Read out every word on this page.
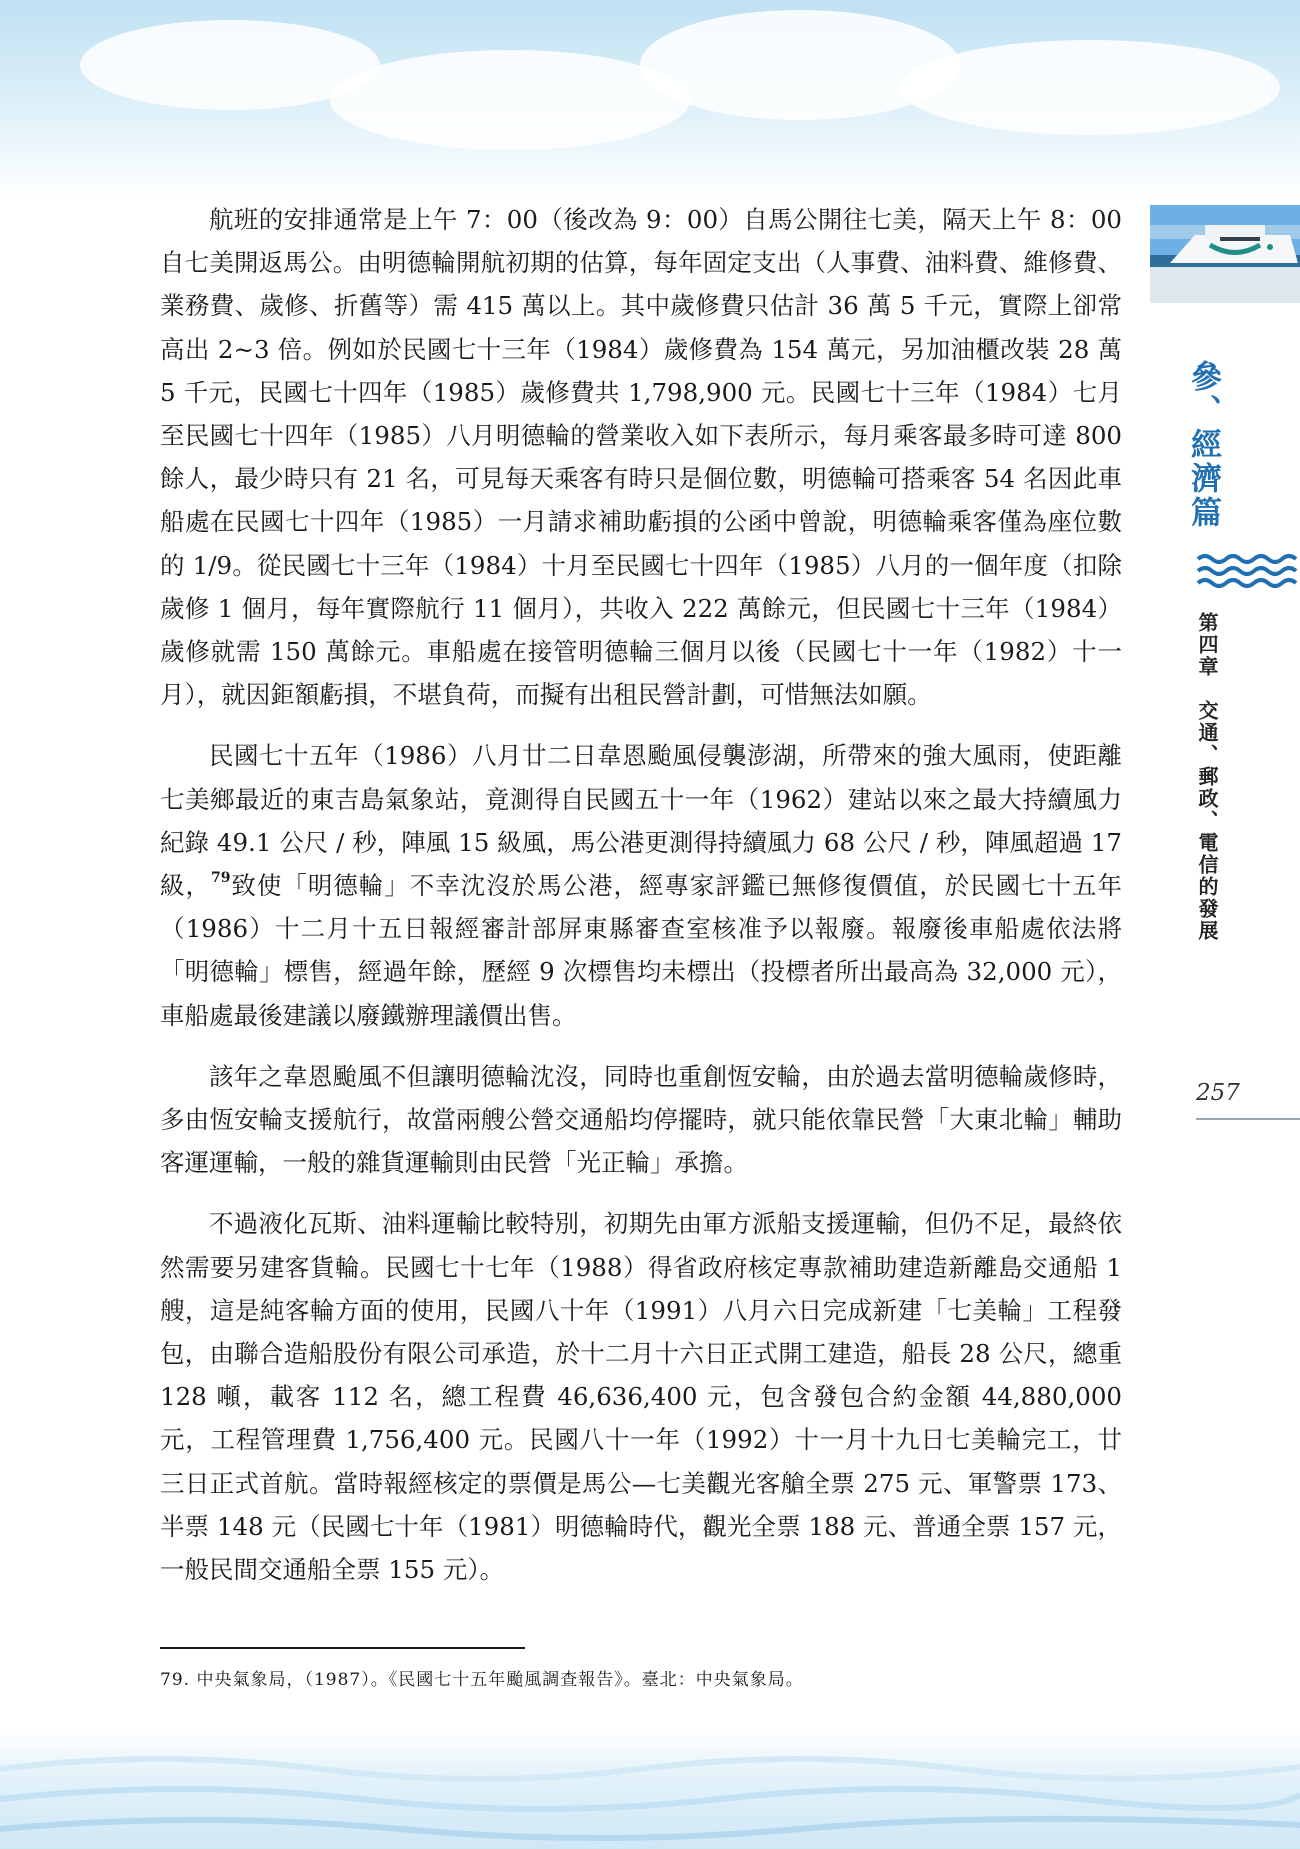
航班的安排通常是上午 7：00（後改為 9：00）自馬公開往七美，隔天上午 8：00 自七美開返馬公。由明德輪開航初期的估算，每年固定支出（人事費、油料費、維修費、業務費、歲修、折舊等）需 415 萬以上。其中歲修費只估計 36 萬 5 千元，實際上卻常高出 2~3 倍。例如於民國七十三年（1984）歲修費為 154 萬元，另加油櫃改裝 28 萬 5 千元，民國七十四年（1985）歲修費共 1,798,900 元。民國七十三年（1984）七月至民國七十四年（1985）八月明德輪的營業收入如下表所示，每月乘客最多時可達 800 餘人，最少時只有 21 名，可見每天乘客有時只是個位數，明德輪可搭乘客 54 名因此車船處在民國七十四年（1985）一月請求補助虧損的公函中曾說，明德輪乘客僅為座位數的 1/9。從民國七十三年（1984）十月至民國七十四年（1985）八月的一個年度（扣除歲修 1 個月，每年實際航行 11 個月），共收入 222 萬餘元，但民國七十三年（1984）歲修就需 150 萬餘元。車船處在接管明德輪三個月以後（民國七十一年（1982）十一月），就因鉅額虧損，不堪負荷，而擬有出租民營計劃，可惜無法如願。

民國七十五年（1986）八月廿二日韋恩颱風侵襲澎湖，所帶來的強大風雨，使距離七美鄉最近的東吉島氣象站，竟測得自民國五十一年（1962）建站以來之最大持續風力紀錄 49.1 公尺 / 秒，陣風 15 級風，馬公港更測得持續風力 68 公尺 / 秒，陣風超過 17 級，$^{79}$致使「明德輪」不幸沈沒於馬公港，經專家評鑑已無修復價值，於民國七十五年（1986）十二月十五日報經審計部屏東縣審查室核准予以報廢。報廢後車船處依法將「明德輪」標售，經過年餘，歷經 9 次標售均未標出（投標者所出最高為 32,000 元），車船處最後建議以廢鐵辦理議價出售。

該年之韋恩颱風不但讓明德輪沈沒，同時也重創恆安輪，由於過去當明德輪歲修時，多由恆安輪支援航行，故當兩艘公營交通船均停擺時，就只能依靠民營「大東北輪」輔助客運運輸，一般的雜貨運輸則由民營「光正輪」承擔。

不過液化瓦斯、油料運輸比較特別，初期先由軍方派船支援運輸，但仍不足，最終依然需要另建客貨輪。民國七十七年（1988）得省政府核定專款補助建造新離島交通船 1 艘，這是純客輪方面的使用，民國八十年（1991）八月六日完成新建「七美輪」工程發包，由聯合造船股份有限公司承造，於十二月十六日正式開工建造，船長 28 公尺，總重 128 噸，載客 112 名，總工程費 46,636,400 元，包含發包合約金額 44,880,000 元，工程管理費 1,756,400 元。民國八十一年（1992）十一月十九日七美輪完工，廿三日正式首航。當時報經核定的票價是馬公—七美觀光客艙全票 275 元、軍警票 173、半票 148 元（民國七十年（1981）明德輪時代，觀光全票 188 元、普通全票 157 元，一般民間交通船全票 155 元）。

79. 中央氣象局，（1987）。《民國七十五年颱風調查報告》。臺北：中央氣象局。
參、經濟篇
第四章　交通、郵政、電信的發展
257
